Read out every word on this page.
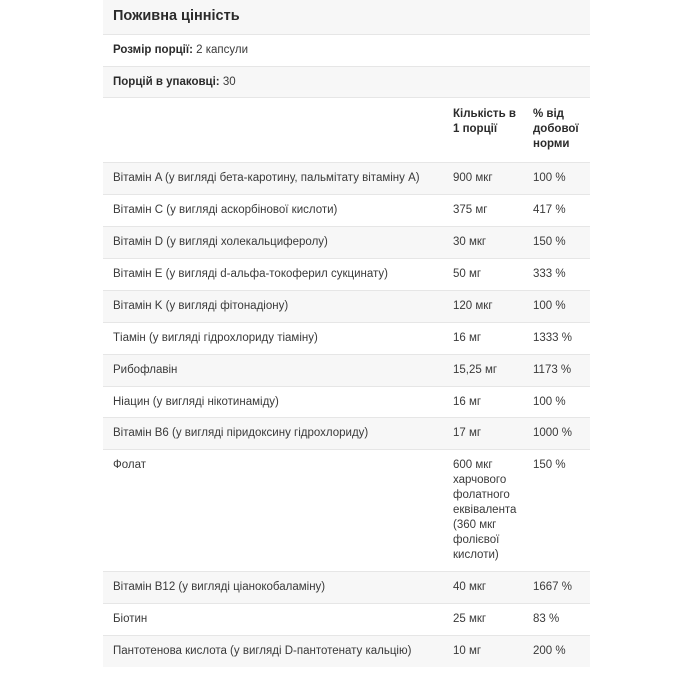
Поживна цінність
Розмір порції: 2 капсули
Порцій в упаковці: 30
	Кількість в 1 порції	% від добової норми
Вітамін A (у вигляді бета-каротину, пальмітату вітаміну A)	900 мкг	100 %
Вітамін C (у вигляді аскорбінової кислоти)	375 мг	417 %
Вітамін D (у вигляді холекальциферолу)	30 мкг	150 %
Вітамін E (у вигляді d-альфа-токоферил сукцинату)	50 мг	333 %
Вітамін K (у вигляді фітонадіону)	120 мкг	100 %
Тіамін (у вигляді гідрохлориду тіаміну)	16 мг	1333 %
Рибофлавін	15,25 мг	1173 %
Ніацин (у вигляді нікотинаміду)	16 мг	100 %
Вітамін B6 (у вигляді піридоксину гідрохлориду)	17 мг	1000 %
Фолат	600 мкг харчового фолатного еквівалента (360 мкг фолієвої кислоти)	150 %
Вітамін B12 (у вигляді ціанокобаламіну)	40 мкг	1667 %
Біотин	25 мкг	83 %
Пантотенова кислота (у вигляді D-пантотенату кальцію)	10 мг	200 %
